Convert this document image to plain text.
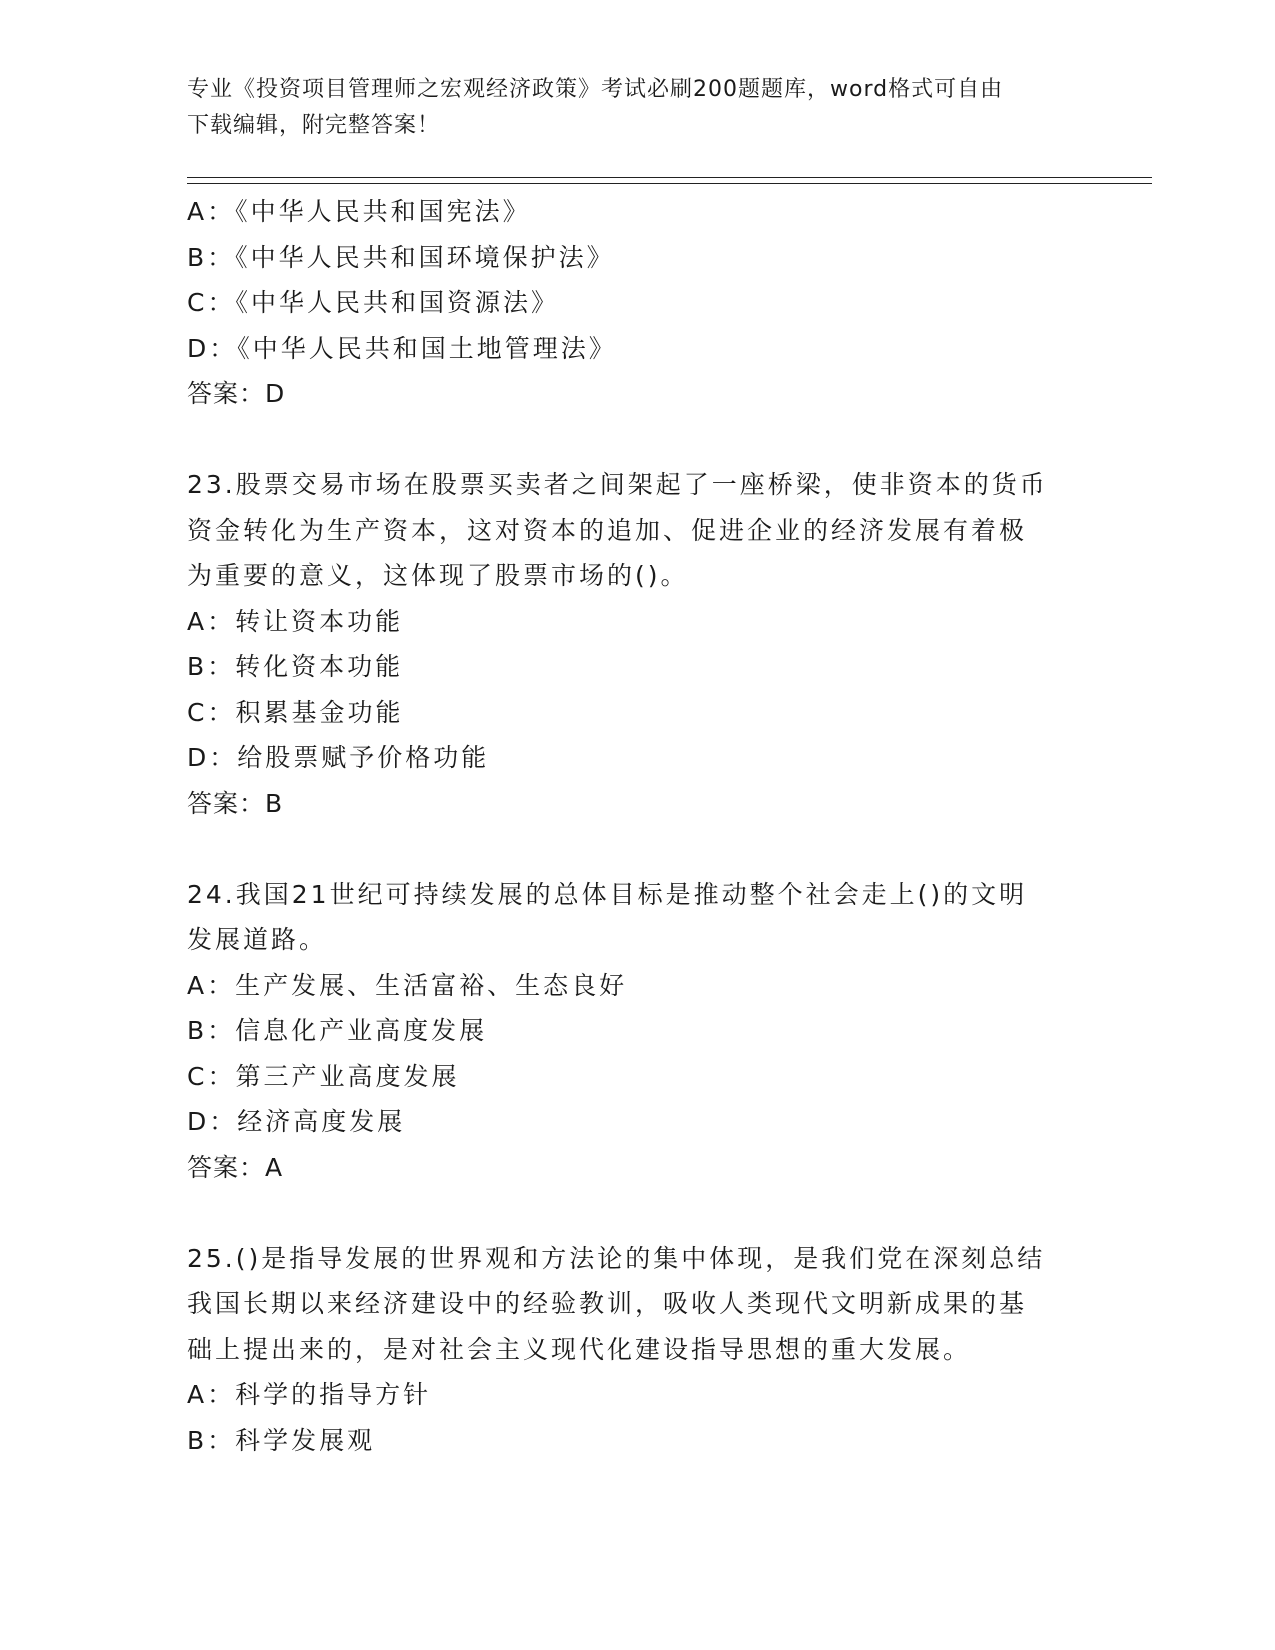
专业《投资项目管理师之宏观经济政策》考试必刷200题题库，word格式可自由
下载编辑，附完整答案！
A：《中华人民共和国宪法》
B：《中华人民共和国环境保护法》
C：《中华人民共和国资源法》
D：《中华人民共和国土地管理法》
答案：D
23.股票交易市场在股票买卖者之间架起了一座桥梁，使非资本的货币
资金转化为生产资本，这对资本的追加、促进企业的经济发展有着极
为重要的意义，这体现了股票市场的()。
A：转让资本功能
B：转化资本功能
C：积累基金功能
D：给股票赋予价格功能
答案：B
24.我国21世纪可持续发展的总体目标是推动整个社会走上()的文明
发展道路。
A：生产发展、生活富裕、生态良好
B：信息化产业高度发展
C：第三产业高度发展
D：经济高度发展
答案：A
25.()是指导发展的世界观和方法论的集中体现，是我们党在深刻总结
我国长期以来经济建设中的经验教训，吸收人类现代文明新成果的基
础上提出来的，是对社会主义现代化建设指导思想的重大发展。
A：科学的指导方针
B：科学发展观
